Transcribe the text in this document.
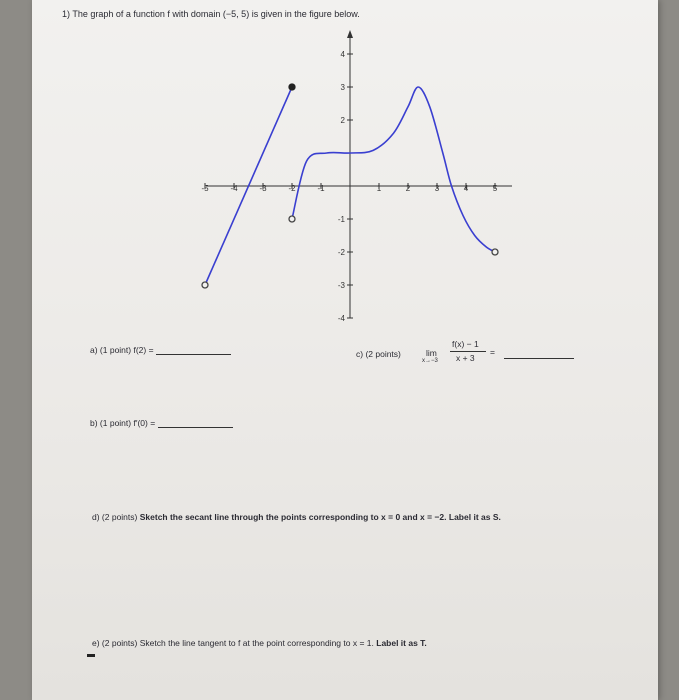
1) The graph of a function f with domain (−5, 5) is given in the figure below.
-5	-4	-3	-2	-1	1	2	3	4	5
4
3
2
-1
-2
-3
-4
a) (1 point) f(2) =	c) (2 points)	lim
x→−3
f(x) − 1
x + 3
=
b) (1 point) f′(0) =
d) (2 points) Sketch the secant line through the points corresponding to x = 0 and x = −2. Label it as S.
e) (2 points) Sketch the line tangent to f at the point corresponding to x = 1. Label it as T.
